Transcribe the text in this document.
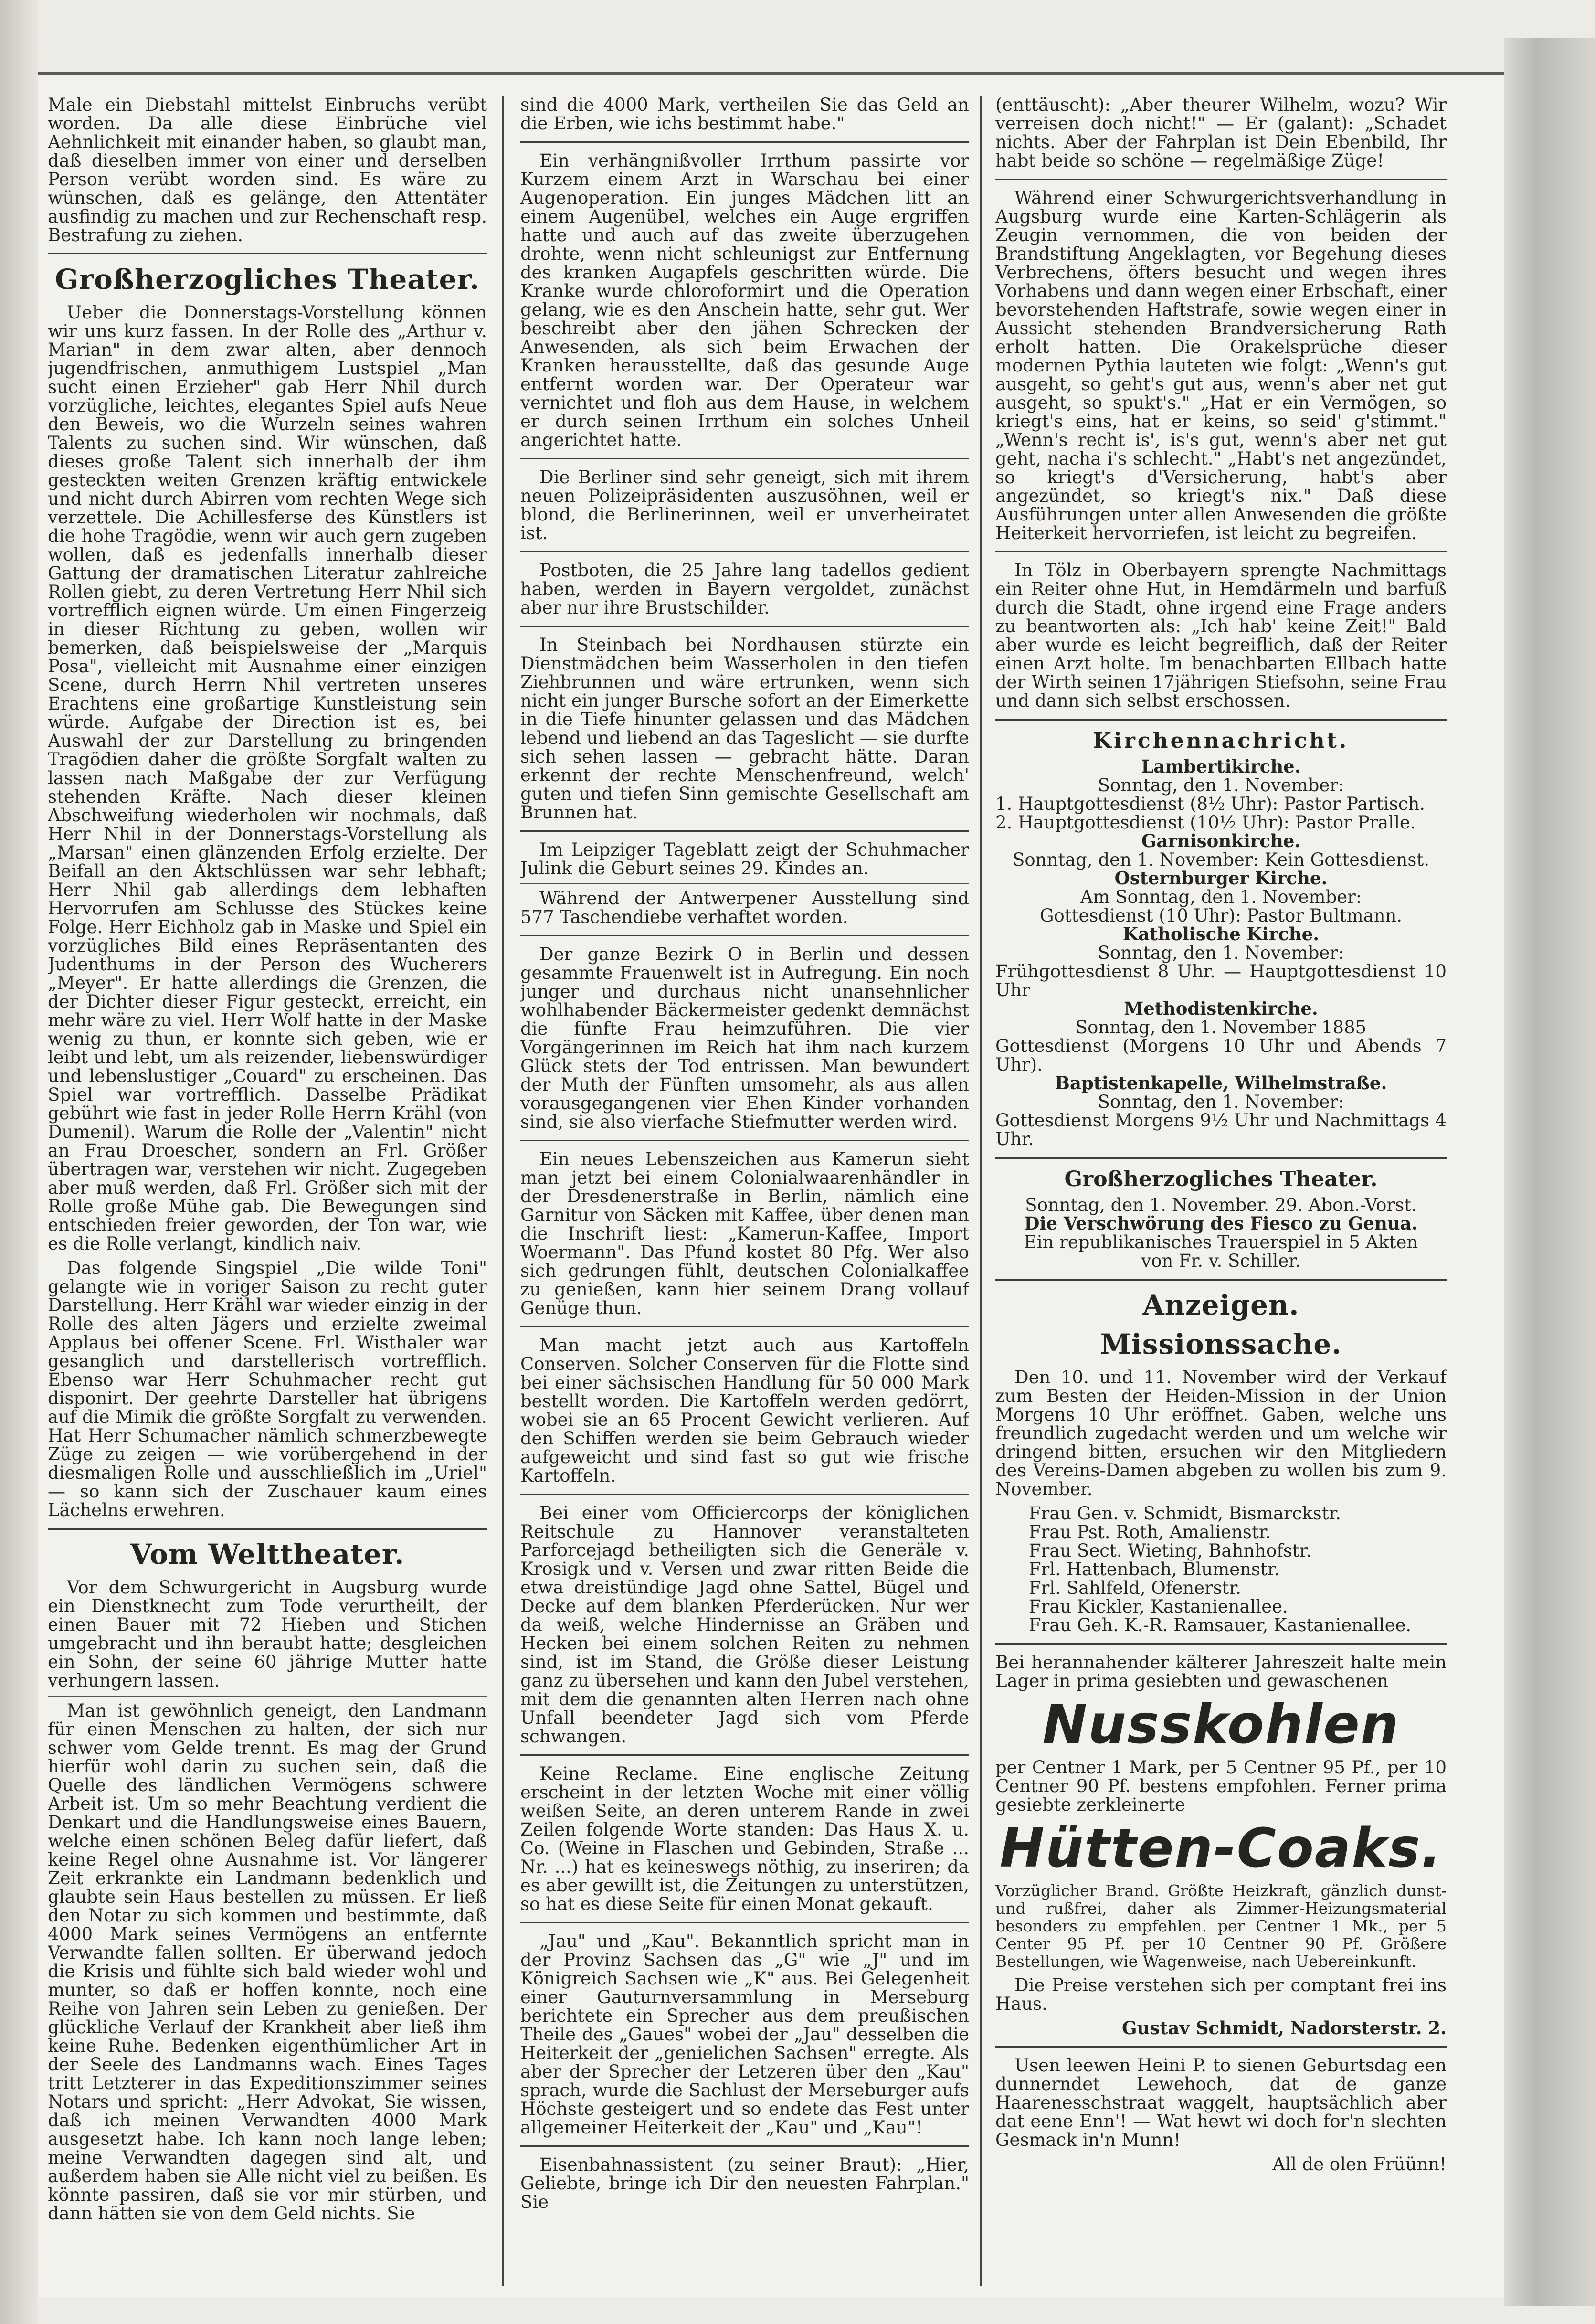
Male ein Diebstahl mittelst Einbruchs verübt worden. Da alle diese Einbrüche viel Aehnlichkeit mit einander haben, so glaubt man, daß dieselben immer von einer und derselben Person verübt worden sind. Es wäre zu wünschen, daß es gelänge, den Attentäter ausfindig zu machen und zur Rechenschaft resp. Bestrafung zu ziehen.

Großherzogliches Theater.

Ueber die Donnerstags-Vorstellung können wir uns kurz fassen. In der Rolle des „Arthur v. Marian" in dem zwar alten, aber dennoch jugendfrischen, anmuthigem Lustspiel „Man sucht einen Erzieher" gab Herr Nhil durch vorzügliche, leichtes, elegantes Spiel aufs Neue den Beweis, wo die Wurzeln seines wahren Talents zu suchen sind. Wir wünschen, daß dieses große Talent sich innerhalb der ihm gesteckten weiten Grenzen kräftig entwickele und nicht durch Abirren vom rechten Wege sich verzettele. Die Achillesferse des Künstlers ist die hohe Tragödie, wenn wir auch gern zugeben wollen, daß es jedenfalls innerhalb dieser Gattung der dramatischen Literatur zahlreiche Rollen giebt, zu deren Vertretung Herr Nhil sich vortrefflich eignen würde. Um einen Fingerzeig in dieser Richtung zu geben, wollen wir bemerken, daß beispielsweise der „Marquis Posa", vielleicht mit Ausnahme einer einzigen Scene, durch Herrn Nhil vertreten unseres Erachtens eine großartige Kunstleistung sein würde. Aufgabe der Direction ist es, bei Auswahl der zur Darstellung zu bringenden Tragödien daher die größte Sorgfalt walten zu lassen nach Maßgabe der zur Verfügung stehenden Kräfte. Nach dieser kleinen Abschweifung wiederholen wir nochmals, daß Herr Nhil in der Donnerstags-Vorstellung als „Marsan" einen glänzenden Erfolg erzielte. Der Beifall an den Aktschlüssen war sehr lebhaft; Herr Nhil gab allerdings dem lebhaften Hervorrufen am Schlusse des Stückes keine Folge. Herr Eichholz gab in Maske und Spiel ein vorzügliches Bild eines Repräsentanten des Judenthums in der Person des Wucherers „Meyer". Er hatte allerdings die Grenzen, die der Dichter dieser Figur gesteckt, erreicht, ein mehr wäre zu viel. Herr Wolf hatte in der Maske wenig zu thun, er konnte sich geben, wie er leibt und lebt, um als reizender, liebenswürdiger und lebenslustiger „Couard" zu erscheinen. Das Spiel war vortrefflich. Dasselbe Prädikat gebührt wie fast in jeder Rolle Herrn Krähl (von Dumenil). Warum die Rolle der „Valentin" nicht an Frau Droescher, sondern an Frl. Größer übertragen war, verstehen wir nicht. Zugegeben aber muß werden, daß Frl. Größer sich mit der Rolle große Mühe gab. Die Bewegungen sind entschieden freier geworden, der Ton war, wie es die Rolle verlangt, kindlich naiv.

Das folgende Singspiel „Die wilde Toni" gelangte wie in voriger Saison zu recht guter Darstellung. Herr Krähl war wieder einzig in der Rolle des alten Jägers und erzielte zweimal Applaus bei offener Scene. Frl. Wisthaler war gesanglich und darstellerisch vortrefflich. Ebenso war Herr Schuhmacher recht gut disponirt. Der geehrte Darsteller hat übrigens auf die Mimik die größte Sorgfalt zu verwenden. Hat Herr Schumacher nämlich schmerzbewegte Züge zu zeigen — wie vorübergehend in der diesmaligen Rolle und ausschließlich im „Uriel" — so kann sich der Zuschauer kaum eines Lächelns erwehren.

Vom Welttheater.

Vor dem Schwurgericht in Augsburg wurde ein Dienstknecht zum Tode verurtheilt, der einen Bauer mit 72 Hieben und Stichen umgebracht und ihn beraubt hatte; desgleichen ein Sohn, der seine 60 jährige Mutter hatte verhungern lassen.

Man ist gewöhnlich geneigt, den Landmann für einen Menschen zu halten, der sich nur schwer vom Gelde trennt. Es mag der Grund hierfür wohl darin zu suchen sein, daß die Quelle des ländlichen Vermögens schwere Arbeit ist. Um so mehr Beachtung verdient die Denkart und die Handlungsweise eines Bauern, welche einen schönen Beleg dafür liefert, daß keine Regel ohne Ausnahme ist. Vor längerer Zeit erkrankte ein Landmann bedenklich und glaubte sein Haus bestellen zu müssen. Er ließ den Notar zu sich kommen und bestimmte, daß 4000 Mark seines Vermögens an entfernte Verwandte fallen sollten. Er überwand jedoch die Krisis und fühlte sich bald wieder wohl und munter, so daß er hoffen konnte, noch eine Reihe von Jahren sein Leben zu genießen. Der glückliche Verlauf der Krankheit aber ließ ihm keine Ruhe. Bedenken eigenthümlicher Art in der Seele des Landmanns wach. Eines Tages tritt Letzterer in das Expeditionszimmer seines Notars und spricht: „Herr Advokat, Sie wissen, daß ich meinen Verwandten 4000 Mark ausgesetzt habe. Ich kann noch lange leben; meine Verwandten dagegen sind alt, und außerdem haben sie Alle nicht viel zu beißen. Es könnte passiren, daß sie vor mir stürben, und dann hätten sie von dem Geld nichts. Sie

sind die 4000 Mark, vertheilen Sie das Geld an die Erben, wie ichs bestimmt habe."

Ein verhängnißvoller Irrthum passirte vor Kurzem einem Arzt in Warschau bei einer Augenoperation. Ein junges Mädchen litt an einem Augenübel, welches ein Auge ergriffen hatte und auch auf das zweite überzugehen drohte, wenn nicht schleunigst zur Entfernung des kranken Augapfels geschritten würde. Die Kranke wurde chloroformirt und die Operation gelang, wie es den Anschein hatte, sehr gut. Wer beschreibt aber den jähen Schrecken der Anwesenden, als sich beim Erwachen der Kranken herausstellte, daß das gesunde Auge entfernt worden war. Der Operateur war vernichtet und floh aus dem Hause, in welchem er durch seinen Irrthum ein solches Unheil angerichtet hatte.

Die Berliner sind sehr geneigt, sich mit ihrem neuen Polizeipräsidenten auszusöhnen, weil er blond, die Berlinerinnen, weil er unverheiratet ist.

Postboten, die 25 Jahre lang tadellos gedient haben, werden in Bayern vergoldet, zunächst aber nur ihre Brustschilder.

In Steinbach bei Nordhausen stürzte ein Dienstmädchen beim Wasserholen in den tiefen Ziehbrunnen und wäre ertrunken, wenn sich nicht ein junger Bursche sofort an der Eimerkette in die Tiefe hinunter gelassen und das Mädchen lebend und liebend an das Tageslicht — sie durfte sich sehen lassen — gebracht hätte. Daran erkennt der rechte Menschenfreund, welch' guten und tiefen Sinn gemischte Gesellschaft am Brunnen hat.

Im Leipziger Tageblatt zeigt der Schuhmacher Julink die Geburt seines 29. Kindes an.

Während der Antwerpener Ausstellung sind 577 Taschendiebe verhaftet worden.

Der ganze Bezirk O in Berlin und dessen gesammte Frauenwelt ist in Aufregung. Ein noch junger und durchaus nicht unansehnlicher wohlhabender Bäckermeister gedenkt demnächst die fünfte Frau heimzuführen. Die vier Vorgängerinnen im Reich hat ihm nach kurzem Glück stets der Tod entrissen. Man bewundert der Muth der Fünften umsomehr, als aus allen vorausgegangenen vier Ehen Kinder vorhanden sind, sie also vierfache Stiefmutter werden wird.

Ein neues Lebenszeichen aus Kamerun sieht man jetzt bei einem Colonialwaarenhändler in der Dresdenerstraße in Berlin, nämlich eine Garnitur von Säcken mit Kaffee, über denen man die Inschrift liest: „Kamerun-Kaffee, Import Woermann". Das Pfund kostet 80 Pfg. Wer also sich gedrungen fühlt, deutschen Colonialkaffee zu genießen, kann hier seinem Drang vollauf Genüge thun.

Man macht jetzt auch aus Kartoffeln Conserven. Solcher Conserven für die Flotte sind bei einer sächsischen Handlung für 50 000 Mark bestellt worden. Die Kartoffeln werden gedörrt, wobei sie an 65 Procent Gewicht verlieren. Auf den Schiffen werden sie beim Gebrauch wieder aufgeweicht und sind fast so gut wie frische Kartoffeln.

Bei einer vom Officiercorps der königlichen Reitschule zu Hannover veranstalteten Parforcejagd betheiligten sich die Generäle v. Krosigk und v. Versen und zwar ritten Beide die etwa dreistündige Jagd ohne Sattel, Bügel und Decke auf dem blanken Pferderücken. Nur wer da weiß, welche Hindernisse an Gräben und Hecken bei einem solchen Reiten zu nehmen sind, ist im Stand, die Größe dieser Leistung ganz zu übersehen und kann den Jubel verstehen, mit dem die genannten alten Herren nach ohne Unfall beendeter Jagd sich vom Pferde schwangen.

Keine Reclame. Eine englische Zeitung erscheint in der letzten Woche mit einer völlig weißen Seite, an deren unterem Rande in zwei Zeilen folgende Worte standen: Das Haus X. u. Co. (Weine in Flaschen und Gebinden, Straße ... Nr. ...) hat es keineswegs nöthig, zu inseriren; da es aber gewillt ist, die Zeitungen zu unterstützen, so hat es diese Seite für einen Monat gekauft.

„Jau" und „Kau". Bekanntlich spricht man in der Provinz Sachsen das „G" wie „J" und im Königreich Sachsen wie „K" aus. Bei Gelegenheit einer Gauturnversammlung in Merseburg berichtete ein Sprecher aus dem preußischen Theile des „Gaues" wobei der „Jau" desselben die Heiterkeit der „genielichen Sachsen" erregte. Als aber der Sprecher der Letzeren über den „Kau" sprach, wurde die Sachlust der Merseburger aufs Höchste gesteigert und so endete das Fest unter allgemeiner Heiterkeit der „Kau" und „Kau"!

Eisenbahnassistent (zu seiner Braut): „Hier, Geliebte, bringe ich Dir den neuesten Fahrplan." Sie

(enttäuscht): „Aber theurer Wilhelm, wozu? Wir verreisen doch nicht!" — Er (galant): „Schadet nichts. Aber der Fahrplan ist Dein Ebenbild, Ihr habt beide so schöne — regelmäßige Züge!

Während einer Schwurgerichtsverhandlung in Augsburg wurde eine Karten-Schlägerin als Zeugin vernommen, die von beiden der Brandstiftung Angeklagten, vor Begehung dieses Verbrechens, öfters besucht und wegen ihres Vorhabens und dann wegen einer Erbschaft, einer bevorstehenden Haftstrafe, sowie wegen einer in Aussicht stehenden Brandversicherung Rath erholt hatten. Die Orakelsprüche dieser modernen Pythia lauteten wie folgt: „Wenn's gut ausgeht, so geht's gut aus, wenn's aber net gut ausgeht, so spukt's." „Hat er ein Vermögen, so kriegt's eins, hat er keins, so seid' g'stimmt." „Wenn's recht is', is's gut, wenn's aber net gut geht, nacha i's schlecht." „Habt's net angezündet, so kriegt's d'Versicherung, habt's aber angezündet, so kriegt's nix." Daß diese Ausführungen unter allen Anwesenden die größte Heiterkeit hervorriefen, ist leicht zu begreifen.

In Tölz in Oberbayern sprengte Nachmittags ein Reiter ohne Hut, in Hemdärmeln und barfuß durch die Stadt, ohne irgend eine Frage anders zu beantworten als: „Ich hab' keine Zeit!" Bald aber wurde es leicht begreiflich, daß der Reiter einen Arzt holte. Im benachbarten Ellbach hatte der Wirth seinen 17jährigen Stiefsohn, seine Frau und dann sich selbst erschossen.

Kirchennachricht.

Lambertikirche.

Sonntag, den 1. November:

1. Hauptgottesdienst (8½ Uhr): Pastor Partisch.

2. Hauptgottesdienst (10½ Uhr): Pastor Pralle.

Garnisonkirche.

Sonntag, den 1. November: Kein Gottesdienst.

Osternburger Kirche.

Am Sonntag, den 1. November:

Gottesdienst (10 Uhr): Pastor Bultmann.

Katholische Kirche.

Sonntag, den 1. November:

Frühgottesdienst 8 Uhr. — Hauptgottesdienst 10 Uhr

Methodistenkirche.

Sonntag, den 1. November 1885

Gottesdienst (Morgens 10 Uhr und Abends 7 Uhr).

Baptistenkapelle, Wilhelmstraße.

Sonntag, den 1. November:

Gottesdienst Morgens 9½ Uhr und Nachmittags 4 Uhr.

Großherzogliches Theater.

Sonntag, den 1. November. 29. Abon.-Vorst.

Die Verschwörung des Fiesco zu Genua.

Ein republikanisches Trauerspiel in 5 Akten

von Fr. v. Schiller.

Anzeigen.
Missionssache.

Den 10. und 11. November wird der Verkauf zum Besten der Heiden-Mission in der Union Morgens 10 Uhr eröffnet. Gaben, welche uns freundlich zugedacht werden und um welche wir dringend bitten, ersuchen wir den Mitgliedern des Vereins-Damen abgeben zu wollen bis zum 9. November.

Frau Gen. v. Schmidt, Bismarckstr.

Frau Pst. Roth, Amalienstr.

Frau Sect. Wieting, Bahnhofstr.

Frl. Hattenbach, Blumenstr.

Frl. Sahlfeld, Ofenerstr.

Frau Kickler, Kastanienallee.

Frau Geh. K.-R. Ramsauer, Kastanienallee.

Bei herannahender kälterer Jahreszeit halte mein Lager in prima gesiebten und gewaschenen

Nusskohlen

per Centner 1 Mark, per 5 Centner 95 Pf., per 10 Centner 90 Pf. bestens empfohlen. Ferner prima gesiebte zerkleinerte

Hütten-Coaks.

Vorzüglicher Brand. Größte Heizkraft, gänzlich dunst- und rußfrei, daher als Zimmer-Heizungsmaterial besonders zu empfehlen. per Centner 1 Mk., per 5 Center 95 Pf. per 10 Centner 90 Pf. Größere Bestellungen, wie Wagenweise, nach Uebereinkunft.

Die Preise verstehen sich per comptant frei ins Haus.

Gustav Schmidt, Nadorsterstr. 2.

Usen leewen Heini P. to sienen Geburtsdag een dunnerndet Lewehoch, dat de ganze Haarenesschstraat waggelt, hauptsächlich aber dat eene Enn'! — Wat hewt wi doch for'n slechten Gesmack in'n Munn!

All de olen Früünn!
